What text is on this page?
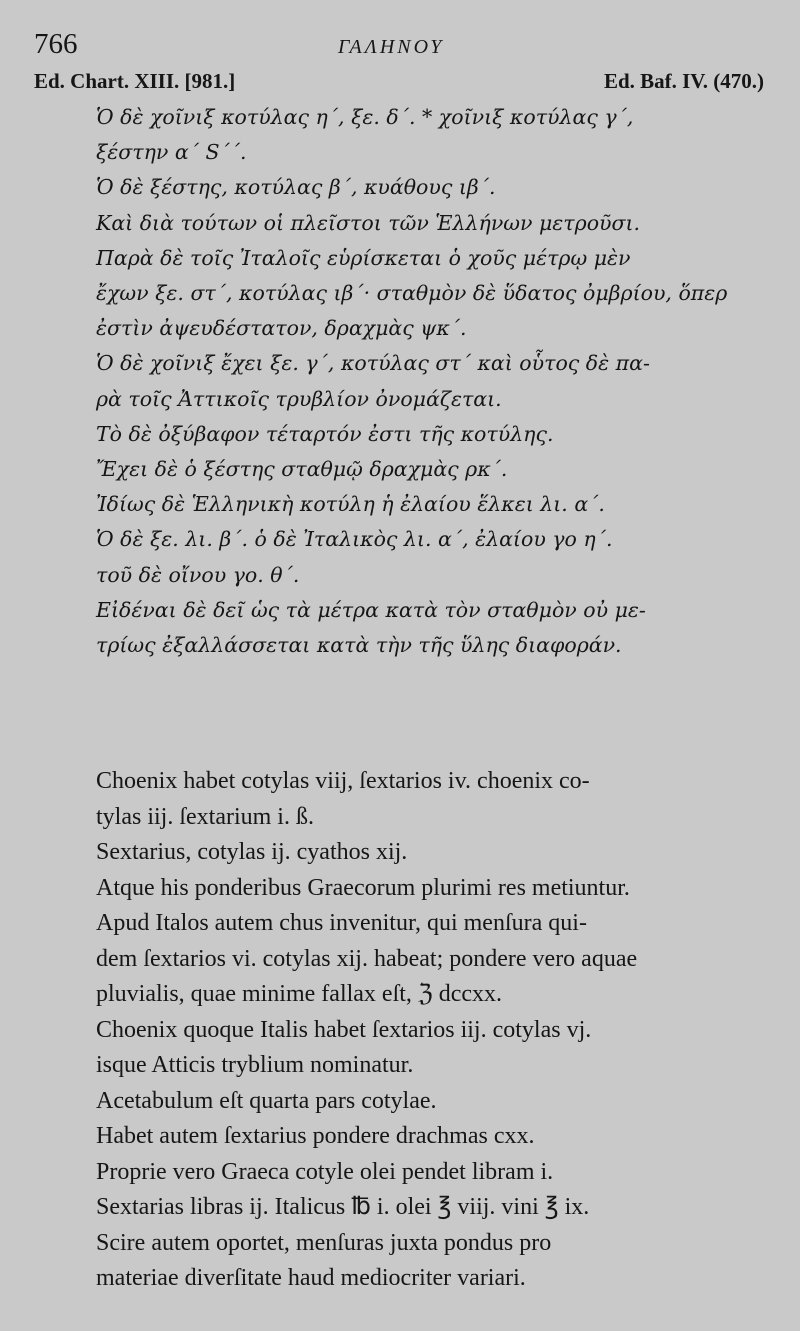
766	ΓΑΛΗΝΟΥ
Ed. Chart. XIII. [981.]	Ed. Baf. IV. (470.)

Ὁ δὲ χοῖνιξ κοτύλας η΄, ξε. δ΄. * χοῖνιξ κοτύλας γ΄,
ξέστην α΄ S΄΄.

Ὁ δὲ ξέστης, κοτύλας β΄, κυάθους ιβ΄.

Καὶ διὰ τούτων οἱ πλεῖστοι τῶν Ἑλλήνων μετροῦσι.

Παρὰ δὲ τοῖς Ἰταλοῖς εὑρίσκεται ὁ χοῦς μέτρῳ μὲν
ἔχων ξε. στ΄, κοτύλας ιβ΄· σταθμὸν δὲ ὕδατος ὀμβρίου, ὅπερ
ἐστὶν ἀψευδέστατον, δραχμὰς ψκ΄.

Ὁ δὲ χοῖνιξ ἔχει ξε. γ΄, κοτύλας στ΄ καὶ οὗτος δὲ πα-
ρὰ τοῖς Ἀττικοῖς τρυβλίον ὀνομάζεται.

Τὸ δὲ ὀξύβαφον τέταρτόν ἐστι τῆς κοτύλης.

Ἔχει δὲ ὁ ξέστης σταθμῷ δραχμὰς ρκ΄.

Ἰδίως δὲ Ἑλληνικὴ κοτύλη ἡ ἐλαίου ἕλκει λι. α΄.

Ὁ δὲ ξε. λι. β΄. ὁ δὲ Ἰταλικὸς λι. α΄, ἐλαίου γο η΄.
τοῦ δὲ οἴνου γο. θ΄.

Εἰδέναι δὲ δεῖ ὡς τὰ μέτρα κατὰ τὸν σταθμὸν οὐ με-
τρίως ἐξαλλάσσεται κατὰ τὴν τῆς ὕλης διαφοράν.

Choenix habet cotylas viij, ſextarios iv. choenix co-
tylas iij. ſextarium i. ß.

Sextarius, cotylas ij. cyathos xij.

Atque his ponderibus Graecorum plurimi res metiuntur.

Apud Italos autem chus invenitur, qui menſura qui-
dem ſextarios vi. cotylas xij. habeat; pondere vero aquae
pluvialis, quae minime fallax eſt, ℨ dccxx.

Choenix quoque Italis habet ſextarios iij. cotylas vj.
isque Atticis tryblium nominatur.

Acetabulum eſt quarta pars cotylae.

Habet autem ſextarius pondere drachmas cxx.

Proprie vero Graeca cotyle olei pendet libram i.

Sextarias libras ij. Italicus ℔ i. olei ℥ viij. vini ℥ ix.

Scire autem oportet, menſuras juxta pondus pro
materiae diverſitate haud mediocriter variari.
